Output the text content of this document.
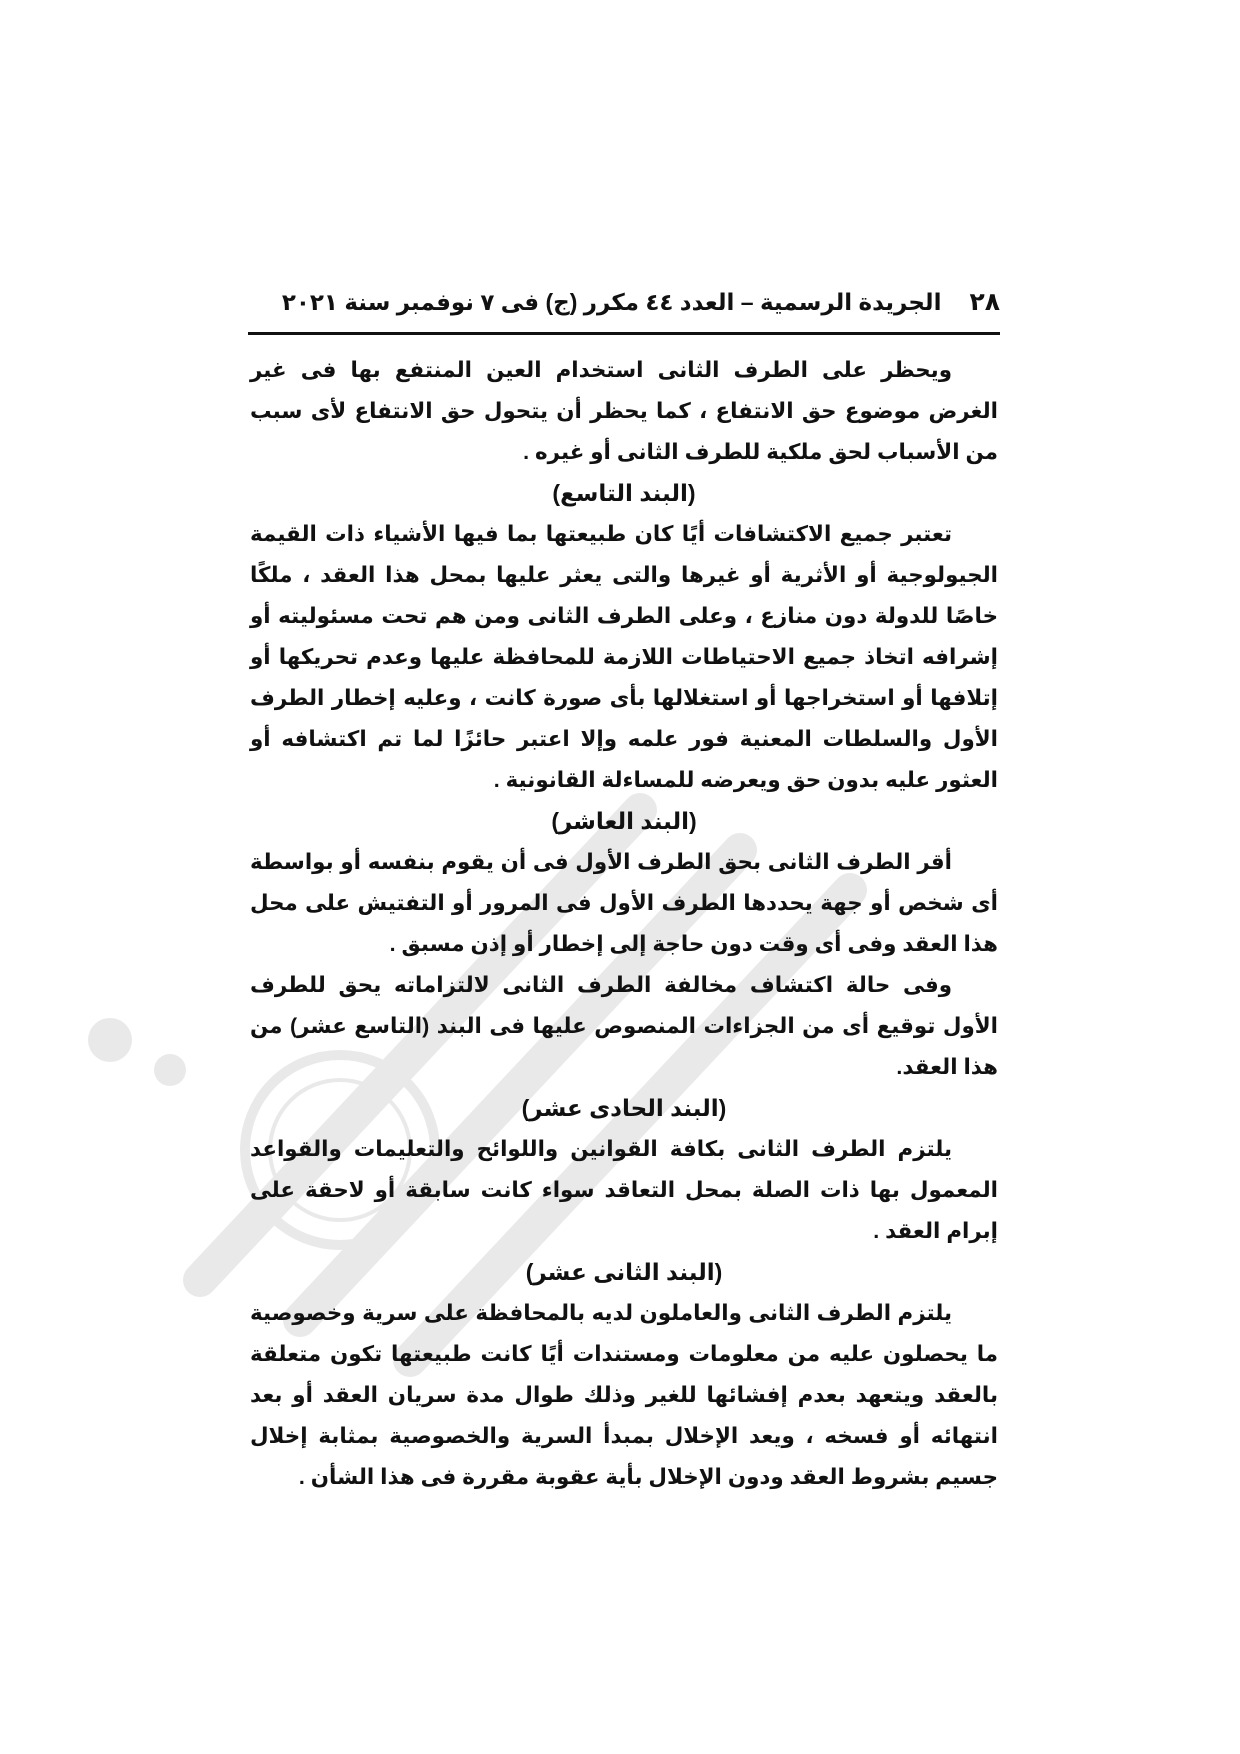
٢٨
الجريدة الرسمية – العدد ٤٤ مكرر (ج) فى ٧ نوفمبر سنة ٢٠٢١

ويحظر على الطرف الثانى استخدام العين المنتفع بها فى غير الغرض موضوع حق الانتفاع ، كما يحظر أن يتحول حق الانتفاع لأى سبب من الأسباب لحق ملكية للطرف الثانى أو غيره .

(البند التاسع)

تعتبر جميع الاكتشافات أيًا كان طبيعتها بما فيها الأشياء ذات القيمة الجيولوجية أو الأثرية أو غيرها والتى يعثر عليها بمحل هذا العقد ، ملكًا خاصًا للدولة دون منازع ، وعلى الطرف الثانى ومن هم تحت مسئوليته أو إشرافه اتخاذ جميع الاحتياطات اللازمة للمحافظة عليها وعدم تحريكها أو إتلافها أو استخراجها أو استغلالها بأى صورة كانت ، وعليه إخطار الطرف الأول والسلطات المعنية فور علمه وإلا اعتبر حائزًا لما تم اكتشافه أو العثور عليه بدون حق ويعرضه للمساءلة القانونية .

(البند العاشر)

أقر الطرف الثانى بحق الطرف الأول فى أن يقوم بنفسه أو بواسطة أى شخص أو جهة يحددها الطرف الأول فى المرور أو التفتيش على محل هذا العقد وفى أى وقت دون حاجة إلى إخطار أو إذن مسبق .

وفى حالة اكتشاف مخالفة الطرف الثانى لالتزاماته يحق للطرف الأول توقيع أى من الجزاءات المنصوص عليها فى البند (التاسع عشر) من هذا العقد.

(البند الحادى عشر)

يلتزم الطرف الثانى بكافة القوانين واللوائح والتعليمات والقواعد المعمول بها ذات الصلة بمحل التعاقد سواء كانت سابقة أو لاحقة على إبرام العقد .

(البند الثانى عشر)

يلتزم الطرف الثانى والعاملون لديه بالمحافظة على سرية وخصوصية ما يحصلون عليه من معلومات ومستندات أيًا كانت طبيعتها تكون متعلقة بالعقد ويتعهد بعدم إفشائها للغير وذلك طوال مدة سريان العقد أو بعد انتهائه أو فسخه ، ويعد الإخلال بمبدأ السرية والخصوصية بمثابة إخلال جسيم بشروط العقد ودون الإخلال بأية عقوبة مقررة فى هذا الشأن .
